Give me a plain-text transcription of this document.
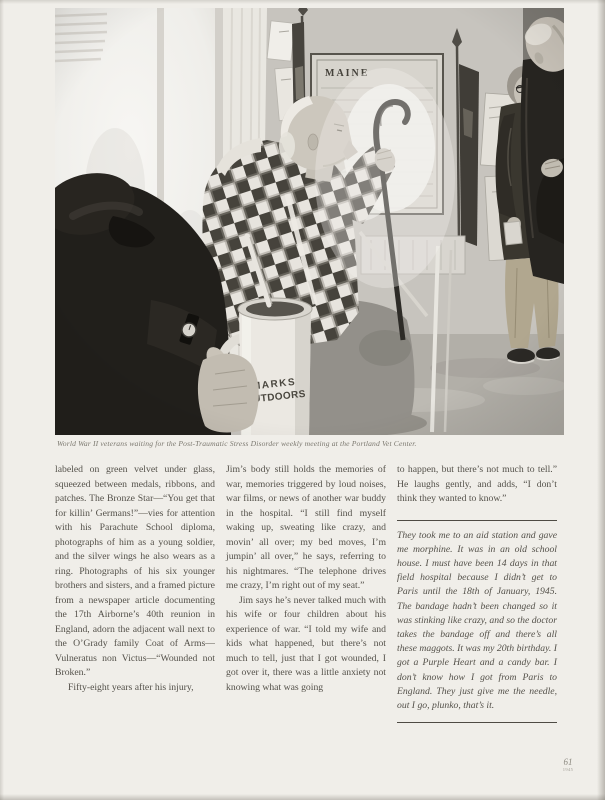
World War II veterans waiting for the Post-Traumatic Stress Disorder weekly meeting at the Portland Vet Center.

labeled on green velvet under glass, squeezed between medals, ribbons, and patches. The Bronze Star—“You get that for killin’ Germans!”—vies for attention with his Parachute School diploma, photographs of him as a young soldier, and the silver wings he also wears as a ring. Photographs of his six younger brothers and sisters, and a framed picture from a newspaper article documenting the 17th Airborne’s 40th reunion in England, adorn the adjacent wall next to the O’Grady family Coat of Arms—Vulneratus non Victus—“Wounded not Broken.”

Fifty-eight years after his injury,

Jim’s body still holds the memories of war, memories triggered by loud noises, war films, or news of another war buddy in the hospital. “I still find myself waking up, sweating like crazy, and movin’ all over; my bed moves, I’m jumpin’ all over,” he says, referring to his nightmares. “The telephone drives me crazy, I’m right out of my seat.”

Jim says he’s never talked much with his wife or four children about his experience of war. “I told my wife and kids what happened, but there’s not much to tell, just that I got wounded, I got over it, there was a little anxiety not knowing what was going

to happen, but there’s not much to tell.” He laughs gently, and adds, “I don’t think they wanted to know.”

They took me to an aid station and gave me morphine. It was in an old school house. I must have been 14 days in that field hospital because I didn’t get to Paris until the 18th of January, 1945. The bandage hadn’t been changed so it was stinking like crazy, and so the doctor takes the bandage off and there’s all these maggots. It was my 20th birthday. I got a Purple Heart and a candy bar. I don’t know how I got from Paris to England. They just give me the needle, out I go, plunko, that’s it.
61
1945
